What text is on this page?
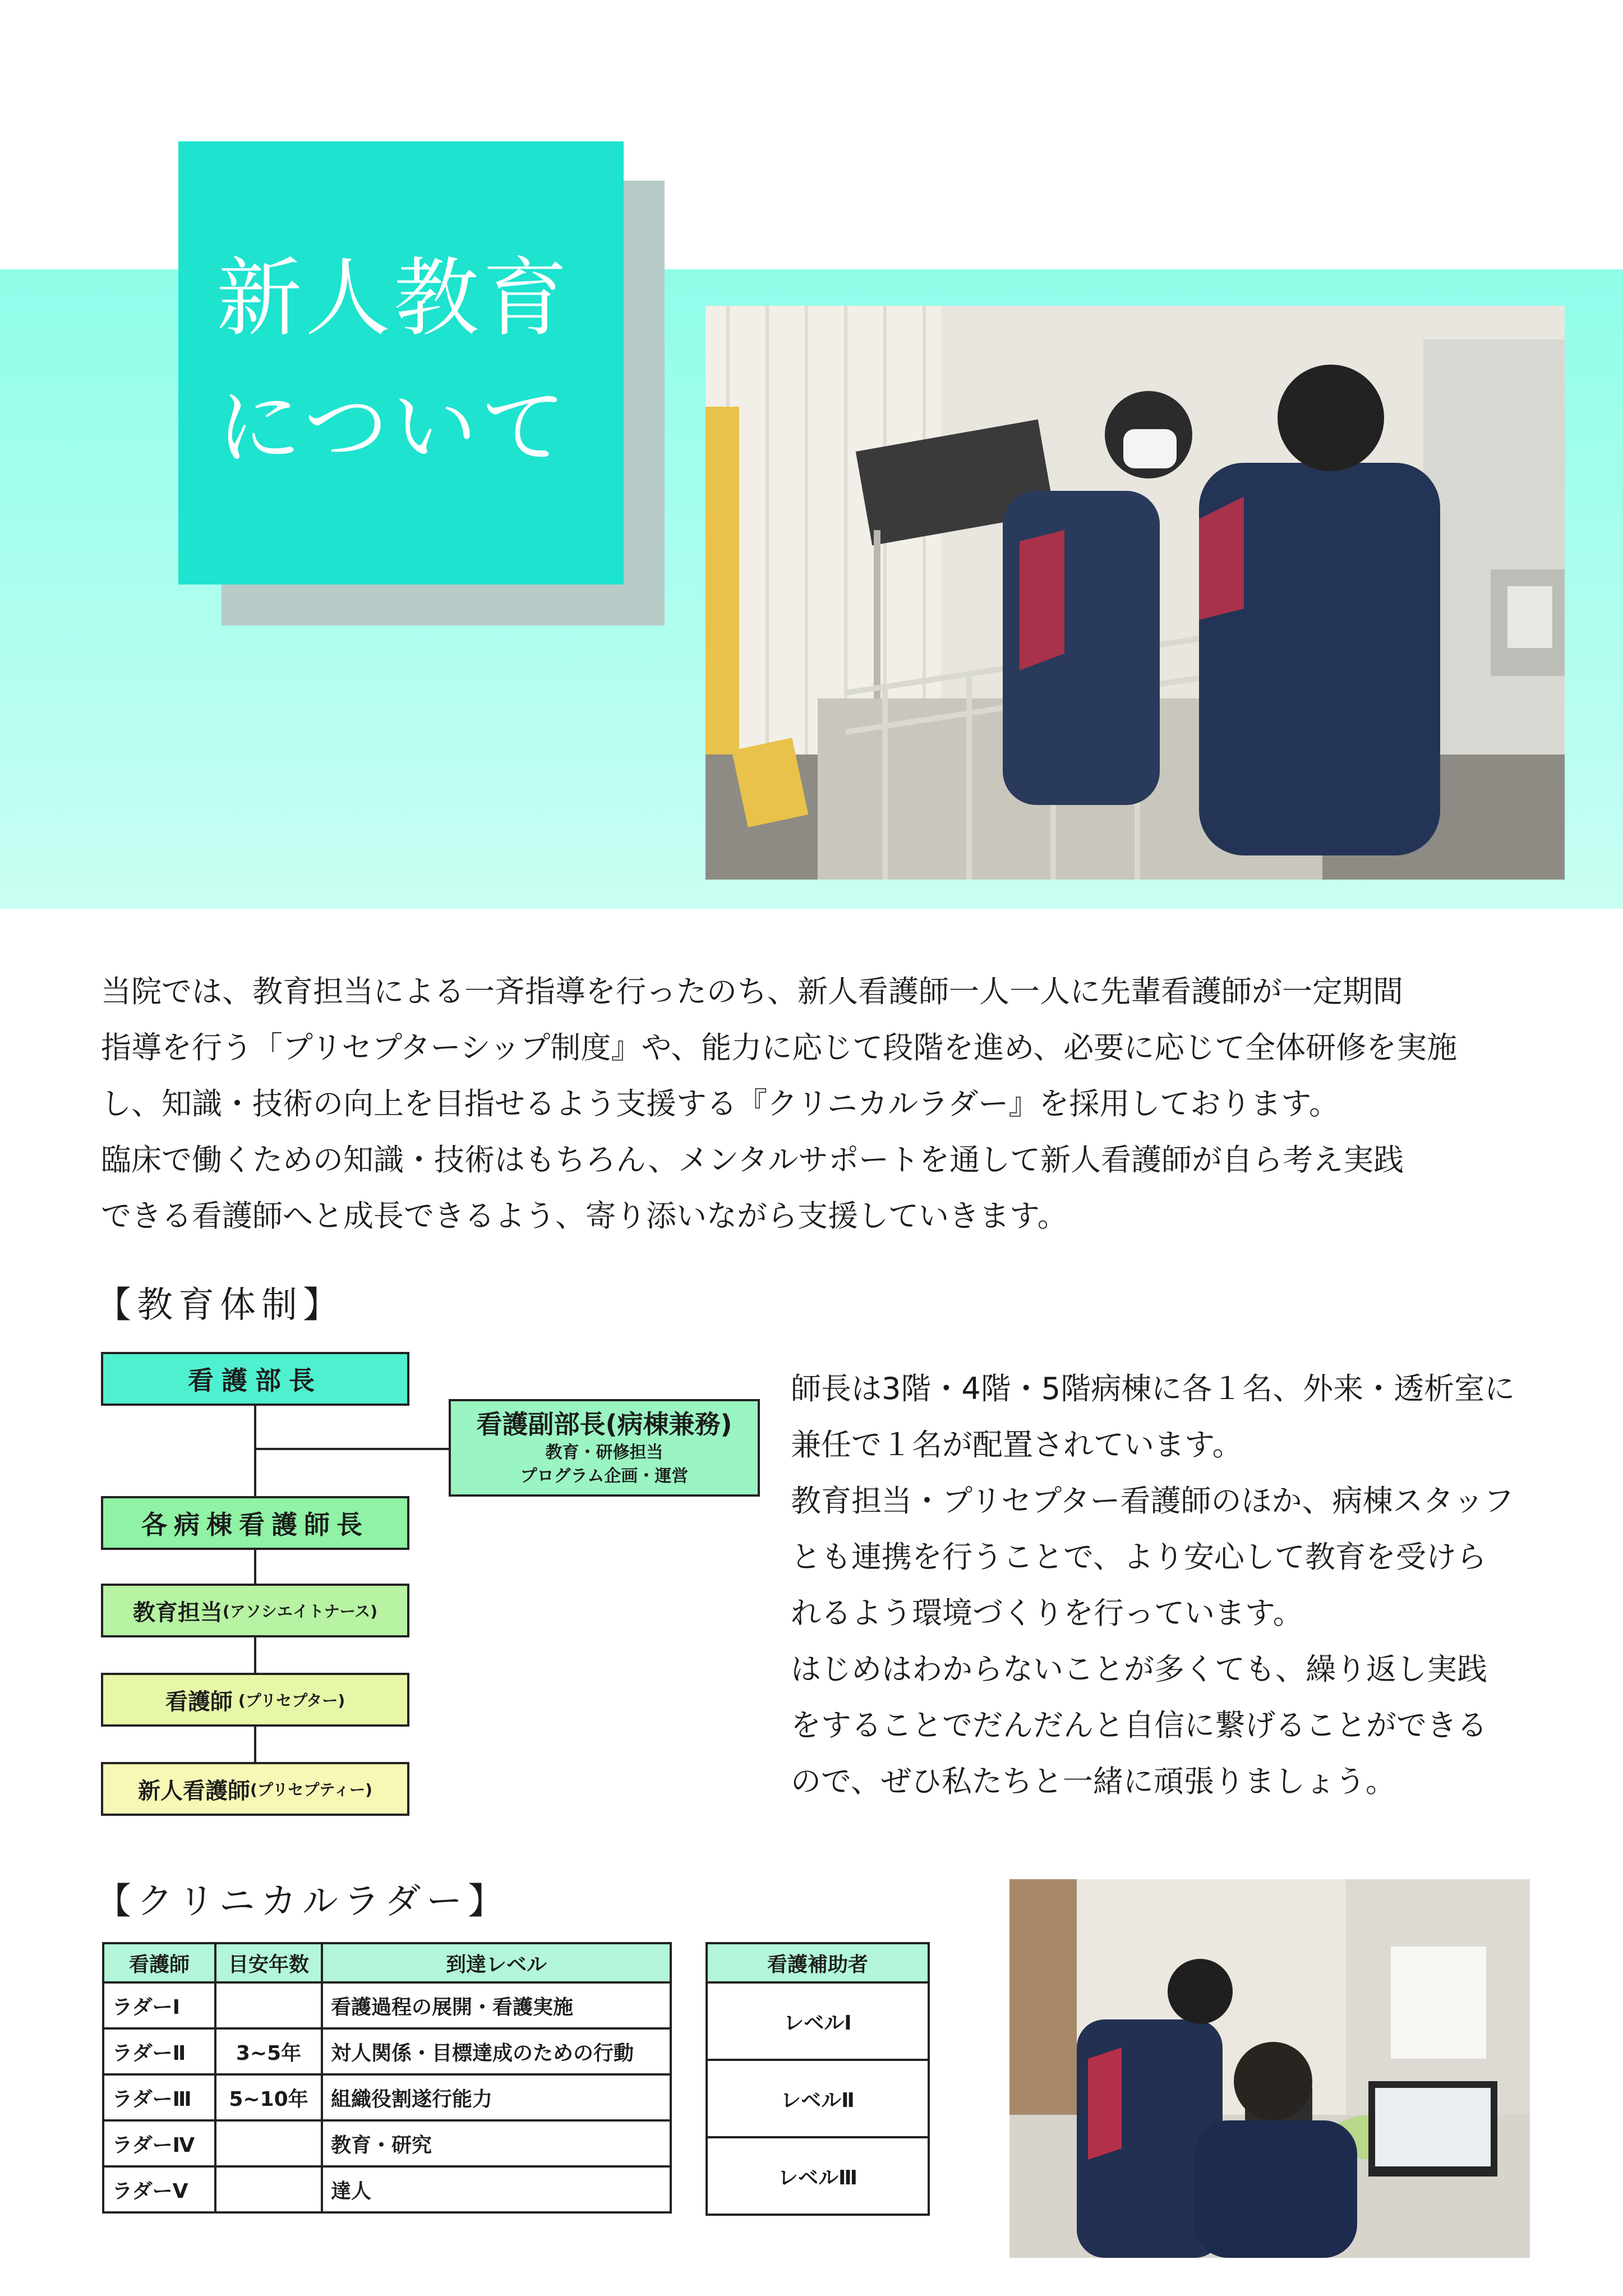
新人教育
について

当院では、教育担当による一斉指導を行ったのち、新人看護師一人一人に先輩看護師が一定期間

指導を行う「プリセプターシップ制度』や、能力に応じて段階を進め、必要に応じて全体研修を実施

し、知識・技術の向上を目指せるよう支援する『クリニカルラダー』を採用しております。

臨床で働くための知識・技術はもちろん、メンタルサポートを通して新人看護師が自ら考え実践

できる看護師へと成長できるよう、寄り添いながら支援していきます。

【教育体制】
看護部長
看護副部長(病棟兼務)
教育・研修担当
プログラム企画・運営
各病棟看護師長
教育担当 (アソシエイトナース)
看護師 (プリセプター)
新人看護師 (プリセプティー)

師長は3階・4階・5階病棟に各１名、外来・透析室に

兼任で１名が配置されています。

教育担当・プリセプター看護師のほか、病棟スタッフ

とも連携を行うことで、より安心して教育を受けら

れるよう環境づくりを行っています。

はじめはわからないことが多くても、繰り返し実践

をすることでだんだんと自信に繋げることができる

ので、ぜひ私たちと一緒に頑張りましょう。

【クリニカルラダー】
看護師	目安年数	到達レベル
ラダーⅠ		看護過程の展開・看護実施
ラダーⅡ	3~5年	対人関係・目標達成のための行動
ラダーⅢ	5~10年	組織役割遂行能力
ラダーⅣ		教育・研究
ラダーⅤ		達人
看護補助者
レベルⅠ
レベルⅡ
レベルⅢ
